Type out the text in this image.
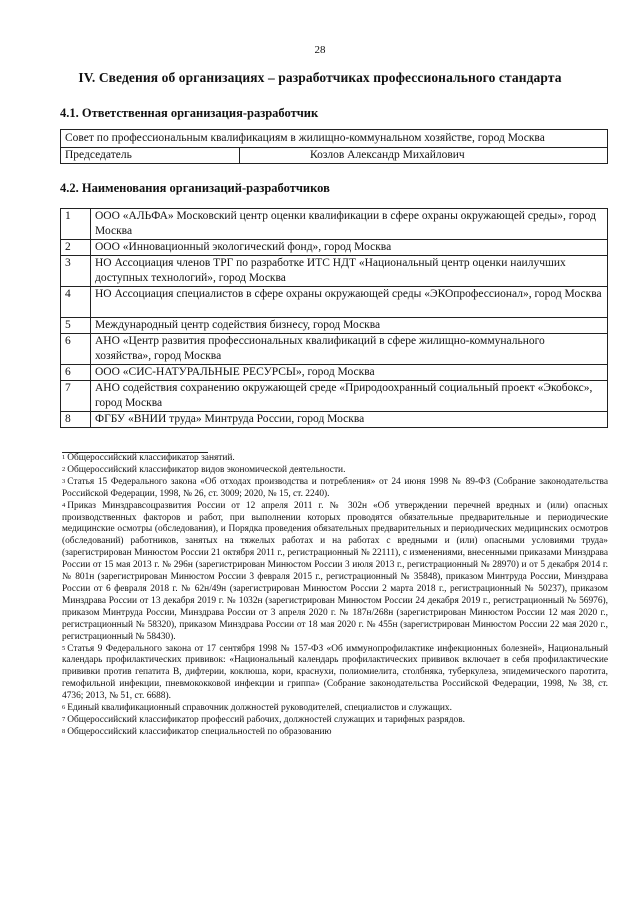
28
IV. Сведения об организациях – разработчиках профессионального стандарта
4.1. Ответственная организация-разработчик
Совет по профессиональным квалификациям в жилищно-коммунальном хозяйстве, город Москва
Председатель	Козлов Александр Михайлович
4.2. Наименования организаций-разработчиков
1	ООО «АЛЬФА» Московский центр оценки квалификации в сфере охраны окружающей среды», город Москва
2	ООО «Инновационный экологический фонд», город Москва
3	НО Ассоциация членов ТРГ по разработке ИТС НДТ «Национальный центр оценки наилучших доступных технологий», город Москва
4	НО Ассоциация специалистов в сфере охраны окружающей среды «ЭКОпрофессионал», город Москва
5	Международный центр содействия бизнесу, город Москва
6	АНО «Центр развития профессиональных квалификаций в сфере жилищно-коммунального хозяйства», город Москва
6	ООО «СИС-НАТУРАЛЬНЫЕ РЕСУРСЫ», город Москва
7	АНО содействия сохранению окружающей среде «Природоохранный социальный проект «Экобокс», город Москва
8	ФГБУ «ВНИИ труда» Минтруда России, город Москва

$^1$ Общероссийский классификатор занятий.

$^2$ Общероссийский классификатор видов экономической деятельности.

$^3$ Статья 15 Федерального закона «Об отходах производства и потребления» от 24 июня 1998 № 89-ФЗ (Собрание законодательства Российской Федерации, 1998, № 26, ст. 3009; 2020, № 15, ст. 2240).

$^4$ Приказ Минздравсоцразвития России от 12 апреля 2011 г. № 302н «Об утверждении перечней вредных и (или) опасных производственных факторов и работ, при выполнении которых проводятся обязательные предварительные и периодические медицинские осмотры (обследования), и Порядка проведения обязательных предварительных и периодических медицинских осмотров (обследований) работников, занятых на тяжелых работах и на работах с вредными и (или) опасными условиями труда» (зарегистрирован Минюстом России 21 октября 2011 г., регистрационный № 22111), с изменениями, внесенными приказами Минздрава России от 15 мая 2013 г. № 296н (зарегистрирован Минюстом России 3 июля 2013 г., регистрационный № 28970) и от 5 декабря 2014 г. № 801н (зарегистрирован Минюстом России 3 февраля 2015 г., регистрационный № 35848), приказом Минтруда России, Минздрава России от 6 февраля 2018 г. № 62н/49н (зарегистрирован Минюстом России 2 марта 2018 г., регистрационный № 50237), приказом Минздрава России от 13 декабря 2019 г. № 1032н (зарегистрирован Минюстом России 24 декабря 2019 г., регистрационный № 56976), приказом Минтруда России, Минздрава России от 3 апреля 2020 г. № 187н/268н (зарегистрирован Минюстом России 12 мая 2020 г., регистрационный № 58320), приказом Минздрава России от 18 мая 2020 г. № 455н (зарегистрирован Минюстом России 22 мая 2020 г., регистрационный № 58430).

$^5$ Статья 9 Федерального закона от 17 сентября 1998 № 157-ФЗ «Об иммунопрофилактике инфекционных болезней», Национальный календарь профилактических прививок: «Национальный календарь профилактических прививок включает в себя профилактические прививки против гепатита В, дифтерии, коклюша, кори, краснухи, полиомиелита, столбняка, туберкулеза, эпидемического паротита, гемофильной инфекции, пневмококковой инфекции и гриппа» (Собрание законодательства Российской Федерации, 1998, № 38, ст. 4736; 2013, № 51, ст. 6688).

$^6$ Единый квалификационный справочник должностей руководителей, специалистов и служащих.

$^7$ Общероссийский классификатор профессий рабочих, должностей служащих и тарифных разрядов.

$^8$ Общероссийский классификатор специальностей по образованию
